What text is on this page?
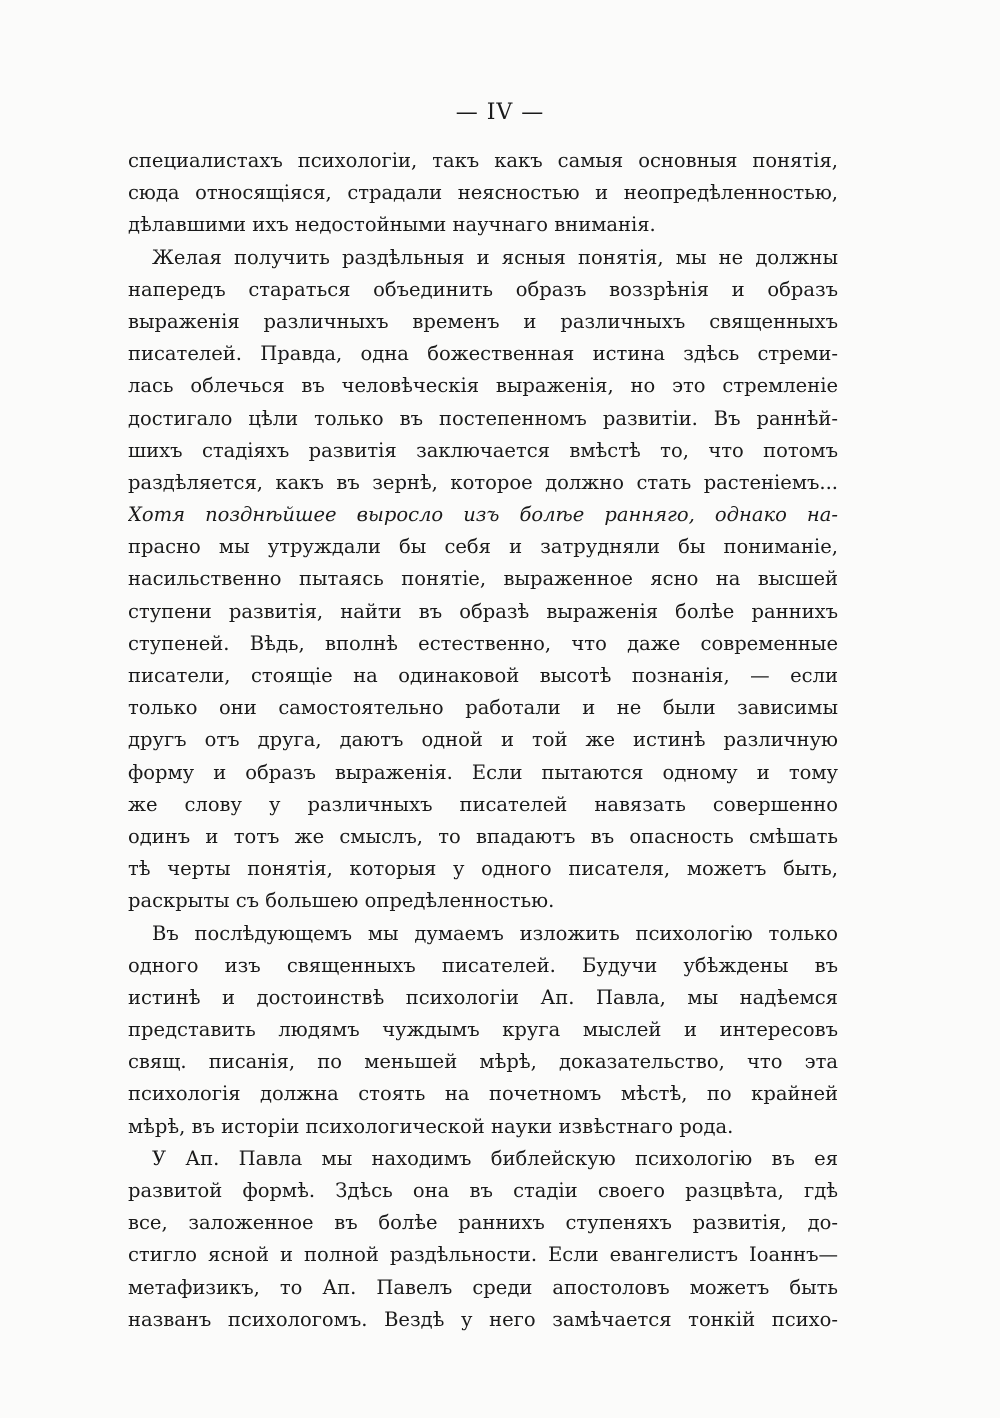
— IV —
специалистахъ психологіи, такъ какъ самыя основныя понятія,
сюда относящіяся, страдали неясностью и неопредѣленностью,
дѣлавшими ихъ недостойными научнаго вниманія.
Желая получить раздѣльныя и ясныя понятія, мы не должны
напередъ стараться объединить образъ воззрѣнія и образъ
выраженія различныхъ временъ и различныхъ священныхъ
писателей. Правда, одна божественная истина здѣсь стреми-
лась облечься въ человѣческія выраженія, но это стремленіе
достигало цѣли только въ постепенномъ развитіи. Въ раннѣй-
шихъ стадіяхъ развитія заключается вмѣстѣ то, что потомъ
раздѣляется, какъ въ зернѣ, которое должно стать растеніемъ...
Хотя позднѣйшее выросло изъ болѣе ранняго, однако на-
прасно мы утруждали бы себя и затрудняли бы пониманіе,
насильственно пытаясь понятіе, выраженное ясно на высшей
ступени развитія, найти въ образѣ выраженія болѣе раннихъ
ступеней. Вѣдь, вполнѣ естественно, что даже современные
писатели, стоящіе на одинаковой высотѣ познанія, — если
только они самостоятельно работали и не были зависимы
другъ отъ друга, даютъ одной и той же истинѣ различную
форму и образъ выраженія. Если пытаются одному и тому
же слову у различныхъ писателей навязать совершенно
одинъ и тотъ же смыслъ, то впадаютъ въ опасность смѣшать
тѣ черты понятія, которыя у одного писателя, можетъ быть,
раскрыты съ большею опредѣленностью.
Въ послѣдующемъ мы думаемъ изложить психологію только
одного изъ священныхъ писателей. Будучи убѣждены въ
истинѣ и достоинствѣ психологіи Ап. Павла, мы надѣемся
представить людямъ чуждымъ круга мыслей и интересовъ
свящ. писанія, по меньшей мѣрѣ, доказательство, что эта
психологія должна стоять на почетномъ мѣстѣ, по крайней
мѣрѣ, въ исторіи психологической науки извѣстнаго рода.
У Ап. Павла мы находимъ библейскую психологію въ ея
развитой формѣ. Здѣсь она въ стадіи своего разцвѣта, гдѣ
все, заложенное въ болѣе раннихъ ступеняхъ развитія, до-
стигло ясной и полной раздѣльности. Если евангелистъ Іоаннъ—
метафизикъ, то Ап. Павелъ среди апостоловъ можетъ быть
названъ психологомъ. Вездѣ у него замѣчается тонкій психо-
